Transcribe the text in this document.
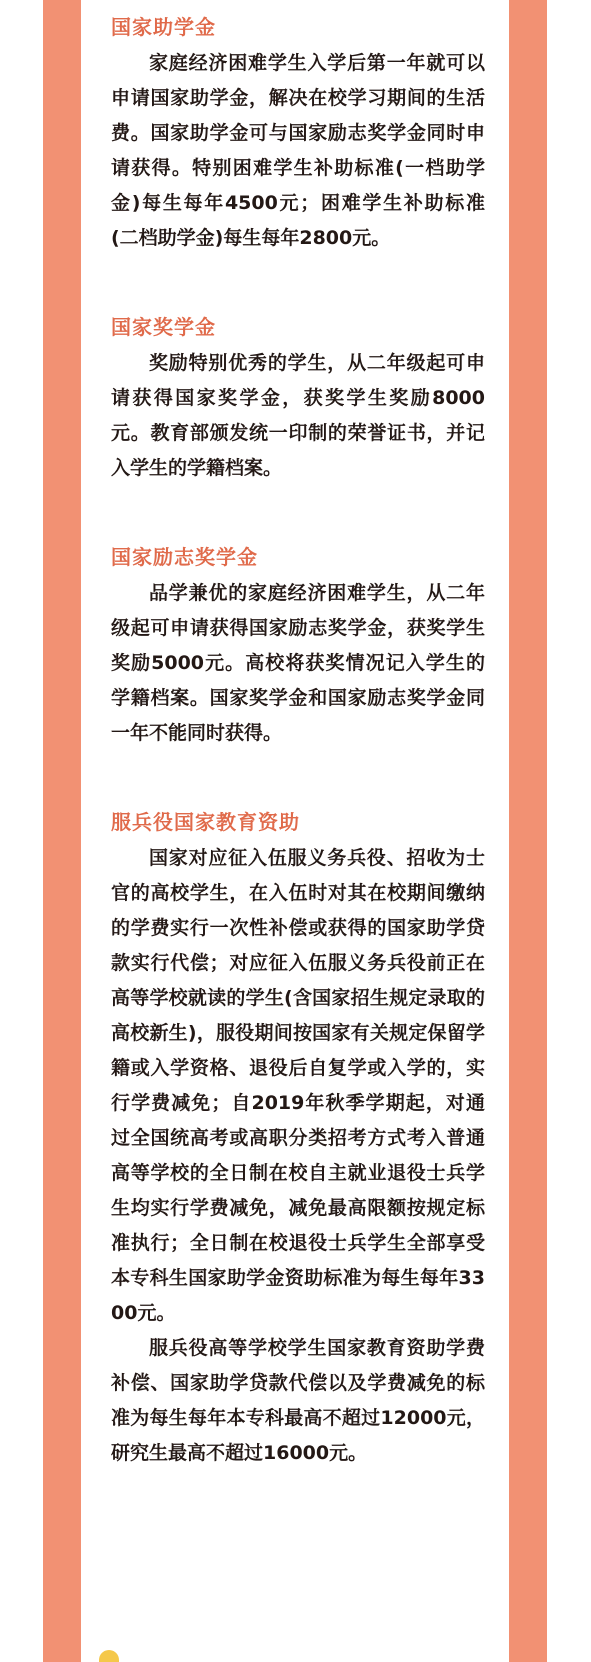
国家助学金

家庭经济困难学生入学后第一年就可以申请国家助学金，解决在校学习期间的生活费。国家助学金可与国家励志奖学金同时申请获得。特别困难学生补助标准(一档助学金)每生每年4500元；困难学生补助标准(二档助学金)每生每年2800元。

国家奖学金

奖励特别优秀的学生，从二年级起可申请获得国家奖学金，获奖学生奖励8000元。教育部颁发统一印制的荣誉证书，并记入学生的学籍档案。

国家励志奖学金

品学兼优的家庭经济困难学生，从二年级起可申请获得国家励志奖学金，获奖学生奖励5000元。高校将获奖情况记入学生的学籍档案。国家奖学金和国家励志奖学金同一年不能同时获得。

服兵役国家教育资助

国家对应征入伍服义务兵役、招收为士官的高校学生，在入伍时对其在校期间缴纳的学费实行一次性补偿或获得的国家助学贷款实行代偿；对应征入伍服义务兵役前正在高等学校就读的学生(含国家招生规定录取的高校新生)，服役期间按国家有关规定保留学籍或入学资格、退役后自复学或入学的，实行学费减免；自2019年秋季学期起，对通过全国统高考或高职分类招考方式考入普通高等学校的全日制在校自主就业退役士兵学生均实行学费减免，减免最高限额按规定标准执行；全日制在校退役士兵学生全部享受本专科生国家助学金资助标准为每生每年3300元。

服兵役高等学校学生国家教育资助学费补偿、国家助学贷款代偿以及学费减免的标准为每生每年本专科最高不超过12000元，研究生最高不超过16000元。
